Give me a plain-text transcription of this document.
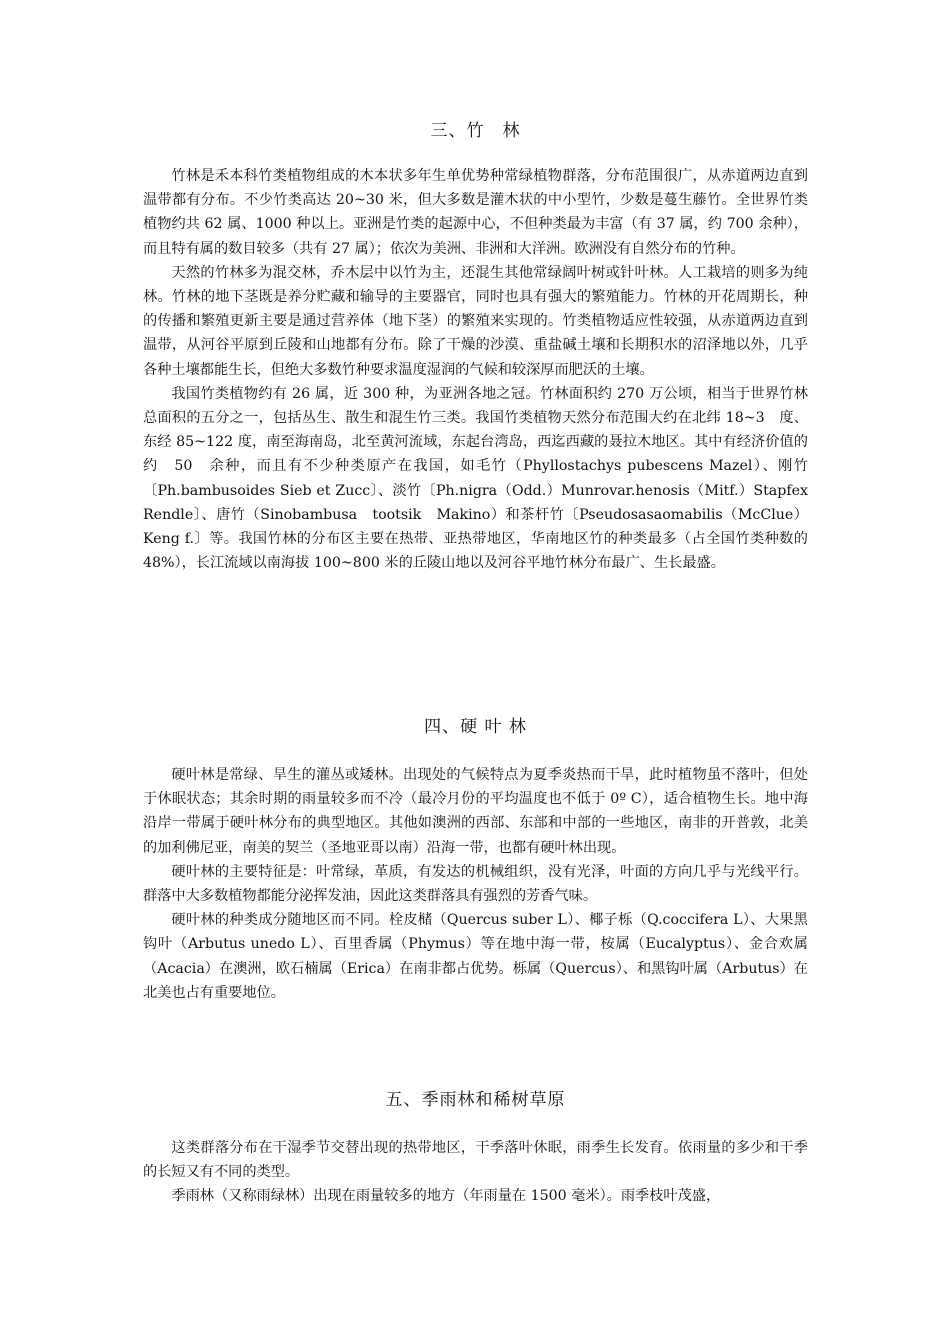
三、竹　林

竹林是禾本科竹类植物组成的木本状多年生单优势种常绿植物群落，分布范围很广，从赤道两边直到温带都有分布。不少竹类高达 20~30 米，但大多数是灌木状的中小型竹，少数是蔓生藤竹。全世界竹类植物约共 62 属、1000 种以上。亚洲是竹类的起源中心，不但种类最为丰富（有 37 属，约 700 余种），而且特有属的数目较多（共有 27 属）；依次为美洲、非洲和大洋洲。欧洲没有自然分布的竹种。

天然的竹林多为混交林，乔木层中以竹为主，还混生其他常绿阔叶树或针叶林。人工栽培的则多为纯林。竹林的地下茎既是养分贮藏和输导的主要器官，同时也具有强大的繁殖能力。竹林的开花周期长，种的传播和繁殖更新主要是通过营养体（地下茎）的繁殖来实现的。竹类植物适应性较强，从赤道两边直到温带，从河谷平原到丘陵和山地都有分布。除了干燥的沙漠、重盐碱土壤和长期积水的沼泽地以外，几乎各种土壤都能生长，但绝大多数竹种要求温度湿润的气候和较深厚而肥沃的土壤。

我国竹类植物约有 26 属，近 300 种，为亚洲各地之冠。竹林面积约 270 万公顷，相当于世界竹林总面积的五分之一，包括丛生、散生和混生竹三类。我国竹类植物天然分布范围大约在北纬 18~3　度、东经 85~122 度，南至海南岛，北至黄河流域，东起台湾岛，西迄西藏的聂拉木地区。其中有经济价值的约　50　余种，而且有不少种类原产在我国，如毛竹（Phyllostachys pubescens Mazel）、刚竹〔Ph.bambusoides Sieb et Zucc〕、淡竹〔Ph.nigra（Odd.）Munrovar.henosis（Mitf.）Stapfex　Rendle〕、唐竹（Sinobambusa　tootsik　Makino）和茶杆竹〔Pseudosasaomabilis（McClue）Keng f.〕等。我国竹林的分布区主要在热带、亚热带地区，华南地区竹的种类最多（占全国竹类种数的 48%），长江流域以南海拔 100~800 米的丘陵山地以及河谷平地竹林分布最广、生长最盛。

四、硬 叶 林

硬叶林是常绿、旱生的灌丛或矮林。出现处的气候特点为夏季炎热而干旱，此时植物虽不落叶，但处于休眠状态；其余时期的雨量较多而不冷（最冷月份的平均温度也不低于 0º C），适合植物生长。地中海沿岸一带属于硬叶林分布的典型地区。其他如澳洲的西部、东部和中部的一些地区，南非的开普敦，北美的加利佛尼亚，南美的契兰（圣地亚哥以南）沿海一带，也都有硬叶林出现。

硬叶林的主要特征是：叶常绿，革质，有发达的机械组织，没有光泽，叶面的方向几乎与光线平行。群落中大多数植物都能分泌挥发油，因此这类群落具有强烈的芳香气味。

硬叶林的种类成分随地区而不同。栓皮槠（Quercus suber L）、椰子栎（Q.coccifera L）、大果黑钩叶（Arbutus unedo L）、百里香属（Phymus）等在地中海一带，桉属（Eucalyptus）、金合欢属（Acacia）在澳洲，欧石楠属（Erica）在南非都占优势。栎属（Quercus）、和黑钩叶属（Arbutus）在北美也占有重要地位。

五、季雨林和稀树草原

这类群落分布在干湿季节交替出现的热带地区，干季落叶休眠，雨季生长发育。依雨量的多少和干季的长短又有不同的类型。

季雨林（又称雨绿林）出现在雨量较多的地方（年雨量在 1500 毫米）。雨季枝叶茂盛，
